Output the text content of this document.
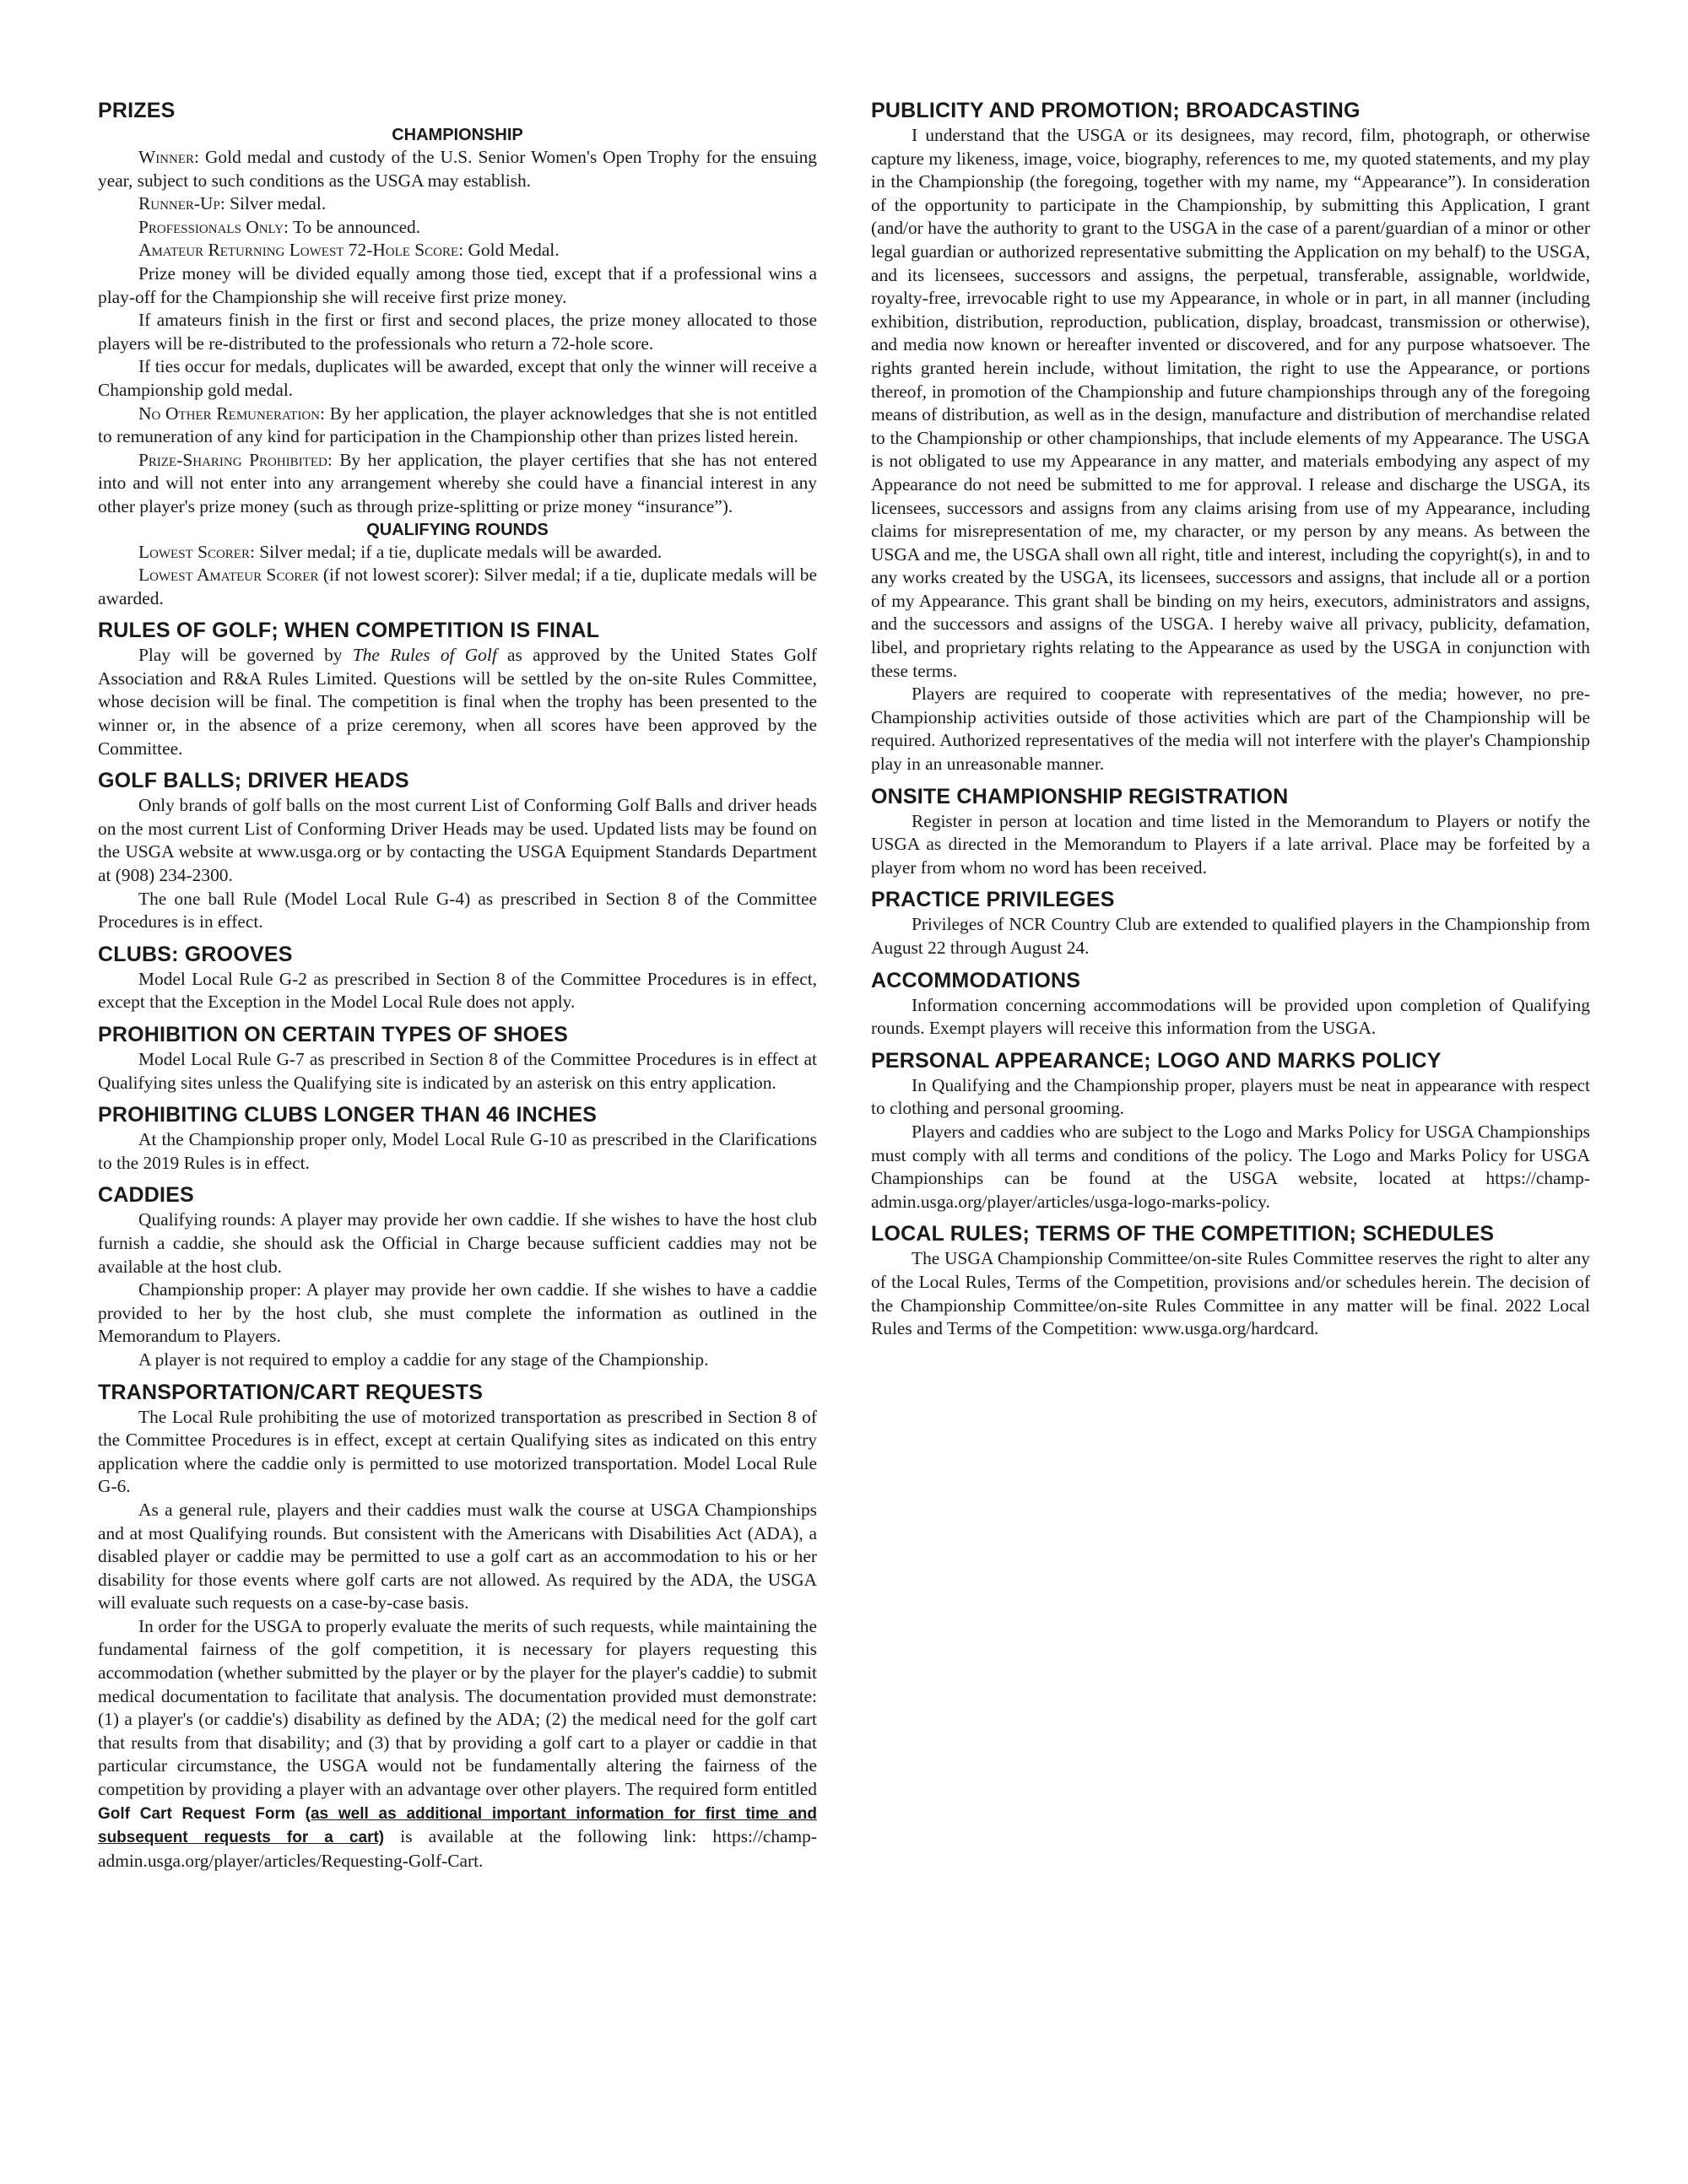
PRIZES
CHAMPIONSHIP

Winner: Gold medal and custody of the U.S. Senior Women's Open Trophy for the ensuing year, subject to such conditions as the USGA may establish.

Runner-Up: Silver medal.

Professionals Only: To be announced.

Amateur Returning Lowest 72-Hole Score: Gold Medal.

Prize money will be divided equally among those tied, except that if a professional wins a play-off for the Championship she will receive first prize money.

If amateurs finish in the first or first and second places, the prize money allocated to those players will be re-distributed to the professionals who return a 72-hole score.

If ties occur for medals, duplicates will be awarded, except that only the winner will receive a Championship gold medal.

No Other Remuneration: By her application, the player acknowledges that she is not entitled to remuneration of any kind for participation in the Championship other than prizes listed herein.

Prize-Sharing Prohibited: By her application, the player certifies that she has not entered into and will not enter into any arrangement whereby she could have a financial interest in any other player's prize money (such as through prize-splitting or prize money “insurance”).

QUALIFYING ROUNDS

Lowest Scorer: Silver medal; if a tie, duplicate medals will be awarded.

Lowest Amateur Scorer (if not lowest scorer): Silver medal; if a tie, duplicate medals will be awarded.

RULES OF GOLF; WHEN COMPETITION IS FINAL

Play will be governed by The Rules of Golf as approved by the United States Golf Association and R&A Rules Limited. Questions will be settled by the on-site Rules Committee, whose decision will be final. The competition is final when the trophy has been presented to the winner or, in the absence of a prize ceremony, when all scores have been approved by the Committee.

GOLF BALLS; DRIVER HEADS

Only brands of golf balls on the most current List of Conforming Golf Balls and driver heads on the most current List of Conforming Driver Heads may be used. Updated lists may be found on the USGA website at www.usga.org or by contacting the USGA Equipment Standards Department at (908) 234-2300.

The one ball Rule (Model Local Rule G-4) as prescribed in Section 8 of the Committee Procedures is in effect.

CLUBS: GROOVES

Model Local Rule G-2 as prescribed in Section 8 of the Committee Procedures is in effect, except that the Exception in the Model Local Rule does not apply.

PROHIBITION ON CERTAIN TYPES OF SHOES

Model Local Rule G-7 as prescribed in Section 8 of the Committee Procedures is in effect at Qualifying sites unless the Qualifying site is indicated by an asterisk on this entry application.

PROHIBITING CLUBS LONGER THAN 46 INCHES

At the Championship proper only, Model Local Rule G-10 as prescribed in the Clarifications to the 2019 Rules is in effect.

CADDIES

Qualifying rounds: A player may provide her own caddie. If she wishes to have the host club furnish a caddie, she should ask the Official in Charge because sufficient caddies may not be available at the host club.

Championship proper: A player may provide her own caddie. If she wishes to have a caddie provided to her by the host club, she must complete the information as outlined in the Memorandum to Players.

A player is not required to employ a caddie for any stage of the Championship.

TRANSPORTATION/CART REQUESTS

The Local Rule prohibiting the use of motorized transportation as prescribed in Section 8 of the Committee Procedures is in effect, except at certain Qualifying sites as indicated on this entry application where the caddie only is permitted to use motorized transportation. Model Local Rule G-6.

As a general rule, players and their caddies must walk the course at USGA Championships and at most Qualifying rounds. But consistent with the Americans with Disabilities Act (ADA), a disabled player or caddie may be permitted to use a golf cart as an accommodation to his or her disability for those events where golf carts are not allowed. As required by the ADA, the USGA will evaluate such requests on a case-by-case basis.

In order for the USGA to properly evaluate the merits of such requests, while maintaining the fundamental fairness of the golf competition, it is necessary for players requesting this accommodation (whether submitted by the player or by the player for the player's caddie) to submit medical documentation to facilitate that analysis. The documentation provided must demonstrate: (1) a player's (or caddie's) disability as defined by the ADA; (2) the medical need for the golf cart that results from that disability; and (3) that by providing a golf cart to a player or caddie in that particular circumstance, the USGA would not be fundamentally altering the fairness of the competition by providing a player with an advantage over other players. The required form entitled Golf Cart Request Form (as well as additional important information for first time and subsequent requests for a cart) is available at the following link: https://champ-admin.usga.org/player/articles/Requesting-Golf-Cart.

PUBLICITY AND PROMOTION; BROADCASTING

I understand that the USGA or its designees, may record, film, photograph, or otherwise capture my likeness, image, voice, biography, references to me, my quoted statements, and my play in the Championship (the foregoing, together with my name, my “Appearance”). In consideration of the opportunity to participate in the Championship, by submitting this Application, I grant (and/or have the authority to grant to the USGA in the case of a parent/guardian of a minor or other legal guardian or authorized representative submitting the Application on my behalf) to the USGA, and its licensees, successors and assigns, the perpetual, transferable, assignable, worldwide, royalty-free, irrevocable right to use my Appearance, in whole or in part, in all manner (including exhibition, distribution, reproduction, publication, display, broadcast, transmission or otherwise), and media now known or hereafter invented or discovered, and for any purpose whatsoever. The rights granted herein include, without limitation, the right to use the Appearance, or portions thereof, in promotion of the Championship and future championships through any of the foregoing means of distribution, as well as in the design, manufacture and distribution of merchandise related to the Championship or other championships, that include elements of my Appearance. The USGA is not obligated to use my Appearance in any matter, and materials embodying any aspect of my Appearance do not need be submitted to me for approval. I release and discharge the USGA, its licensees, successors and assigns from any claims arising from use of my Appearance, including claims for misrepresentation of me, my character, or my person by any means. As between the USGA and me, the USGA shall own all right, title and interest, including the copyright(s), in and to any works created by the USGA, its licensees, successors and assigns, that include all or a portion of my Appearance. This grant shall be binding on my heirs, executors, administrators and assigns, and the successors and assigns of the USGA. I hereby waive all privacy, publicity, defamation, libel, and proprietary rights relating to the Appearance as used by the USGA in conjunction with these terms.

Players are required to cooperate with representatives of the media; however, no pre-Championship activities outside of those activities which are part of the Championship will be required. Authorized representatives of the media will not interfere with the player's Championship play in an unreasonable manner.

ONSITE CHAMPIONSHIP REGISTRATION

Register in person at location and time listed in the Memorandum to Players or notify the USGA as directed in the Memorandum to Players if a late arrival. Place may be forfeited by a player from whom no word has been received.

PRACTICE PRIVILEGES

Privileges of NCR Country Club are extended to qualified players in the Championship from August 22 through August 24.

ACCOMMODATIONS

Information concerning accommodations will be provided upon completion of Qualifying rounds. Exempt players will receive this information from the USGA.

PERSONAL APPEARANCE; LOGO AND MARKS POLICY

In Qualifying and the Championship proper, players must be neat in appearance with respect to clothing and personal grooming.

Players and caddies who are subject to the Logo and Marks Policy for USGA Championships must comply with all terms and conditions of the policy. The Logo and Marks Policy for USGA Championships can be found at the USGA website, located at https://champ-admin.usga.org/player/articles/usga-logo-marks-policy.

LOCAL RULES; TERMS OF THE COMPETITION; SCHEDULES

The USGA Championship Committee/on-site Rules Committee reserves the right to alter any of the Local Rules, Terms of the Competition, provisions and/or schedules herein. The decision of the Championship Committee/on-site Rules Committee in any matter will be final. 2022 Local Rules and Terms of the Competition: www.usga.org/hardcard.
